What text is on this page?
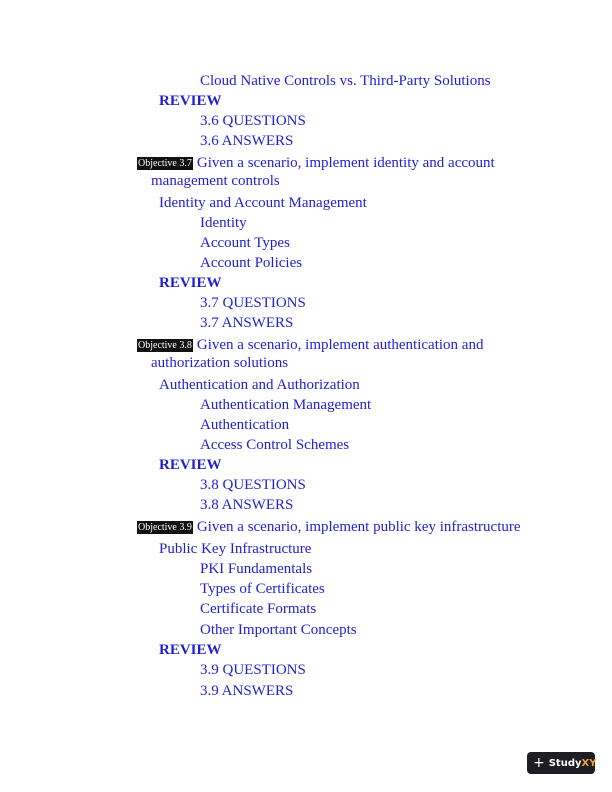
Cloud Native Controls vs. Third-Party Solutions
REVIEW
3.6 QUESTIONS
3.6 ANSWERS
Objective 3.7 Given a scenario, implement identity and account
management controls
Identity and Account Management
Identity
Account Types
Account Policies
REVIEW
3.7 QUESTIONS
3.7 ANSWERS
Objective 3.8 Given a scenario, implement authentication and
authorization solutions
Authentication and Authorization
Authentication Management
Authentication
Access Control Schemes
REVIEW
3.8 QUESTIONS
3.8 ANSWERS
Objective 3.9 Given a scenario, implement public key infrastructure
Public Key Infrastructure
PKI Fundamentals
Types of Certificates
Certificate Formats
Other Important Concepts
REVIEW
3.9 QUESTIONS
3.9 ANSWERS
+ Study XY
